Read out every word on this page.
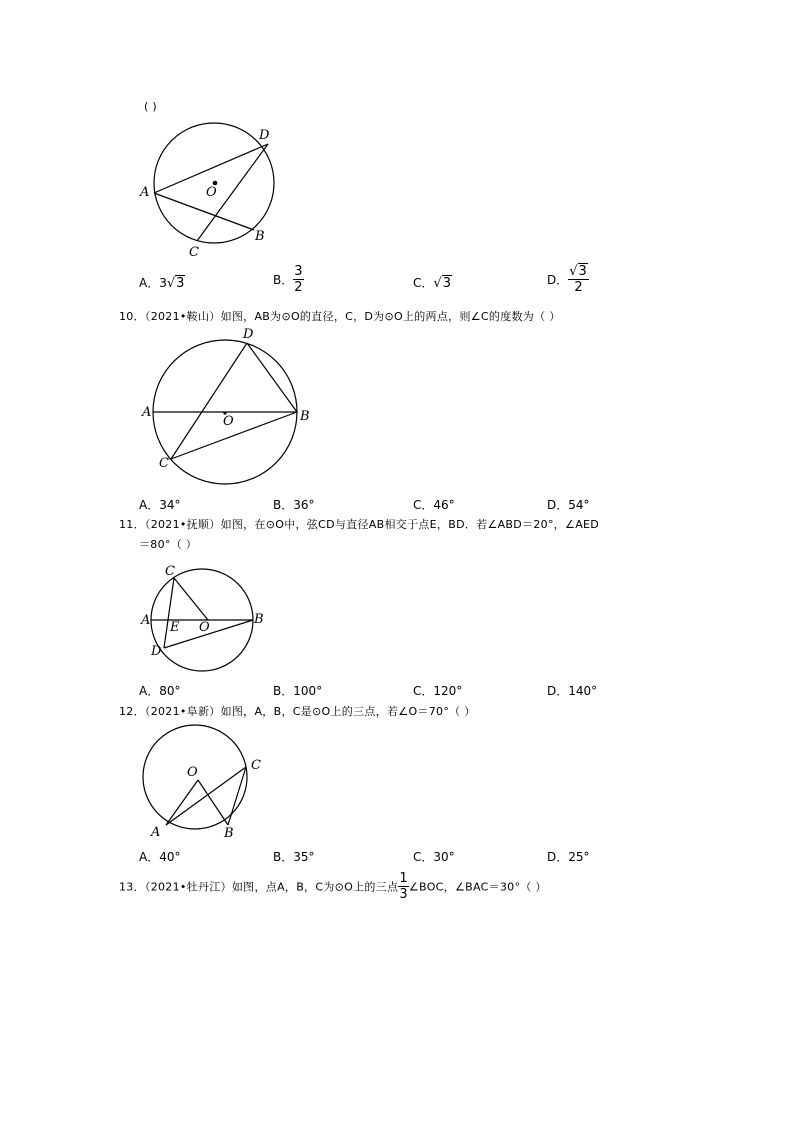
( )
A
D
O
B
C
A．3√3	B． $\frac{3}{2}$	C．√3	D． $\frac{√3}{2}$
10．（2021•鞍山）如图，AB为⊙O的直径，C，D为⊙O上的两点，则∠C的度数为（ ）
D
A
O	B
C
A．34°	B．36°	C．46°	D．54°
11．（2021•抚顺）如图，在⊙O中，弦CD与直径AB相交于点E，BD．若∠ABD＝20°，∠AED
＝80°（ ）
C
A E O
B
D
A．80°	B．100°	C．120°	D．140°
12．（2021•阜新）如图，A，B，C是⊙O上的三点，若∠O＝70°（ ）
O	C
A	B
A．40°	B．35°	C．30°	D．25°
13．（2021•牡丹江）如图，点A，B，C为⊙O上的三点 $\frac{1}{3}$ ∠BOC，∠BAC＝30°（ ）
